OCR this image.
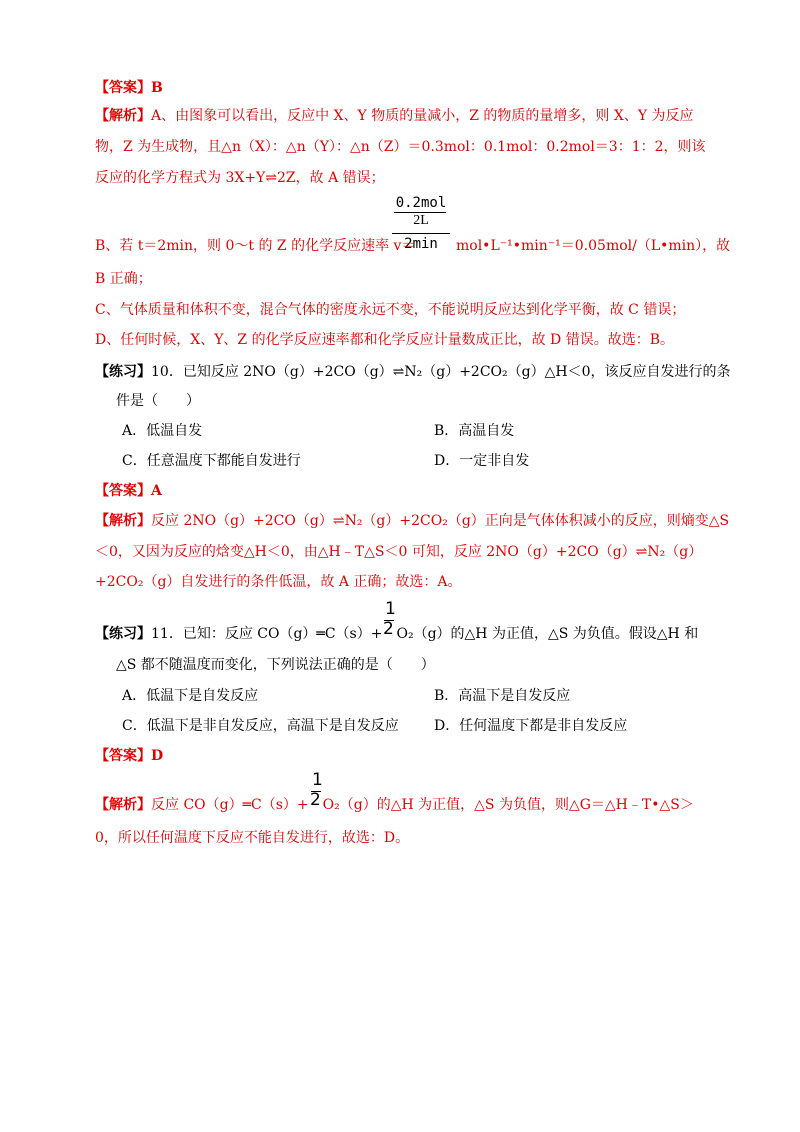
【答案】B
【解析】A、由图象可以看出，反应中 X、Y 物质的量减小，Z 的物质的量增多，则 X、Y 为反应
物，Z 为生成物，且△n（X）：△n（Y）：△n（Z）＝0.3mol：0.1mol：0.2mol＝3：1：2，则该
反应的化学方程式为 3X+Y⇌2Z，故 A 错误；
0.2mol
2L
2min
B、若 t＝2min，则 0～t 的 Z 的化学反应速率 v＝	mol•L⁻¹•min⁻¹＝0.05mol/（L•min），故
B 正确；
C、气体质量和体积不变，混合气体的密度永远不变，不能说明反应达到化学平衡，故 C 错误；
D、任何时候，X、Y、Z 的化学反应速率都和化学反应计量数成正比，故 D 错误。故选：B。
【练习】10．已知反应 2NO（g）+2CO（g）⇌N₂（g）+2CO₂（g）△H＜0，该反应自发进行的条
件是（　　）
A．低温自发	B．高温自发
C．任意温度下都能自发进行	D．一定非自发
【答案】A
【解析】反应 2NO（g）+2CO（g）⇌N₂（g）+2CO₂（g）正向是气体体积减小的反应，则熵变△S
＜0，又因为反应的焓变△H＜0，由△H﹣T△S＜0 可知，反应 2NO（g）+2CO（g）⇌N₂（g）
+2CO₂（g）自发进行的条件低温，故 A 正确；故选：A。
1
2
【练习】11．已知：反应 CO（g）═C（s）+ O₂（g）的△H 为正值，△S 为负值。假设△H 和
△S 都不随温度而变化，下列说法正确的是（　　）
A．低温下是自发反应	B．高温下是自发反应
C．低温下是非自发反应，高温下是自发反应	D．任何温度下都是非自发反应
【答案】D
1
2
【解析】反应 CO（g）═C（s）+ O₂（g）的△H 为正值，△S 为负值，则△G＝△H﹣T•△S＞
0，所以任何温度下反应不能自发进行，故选：D。
